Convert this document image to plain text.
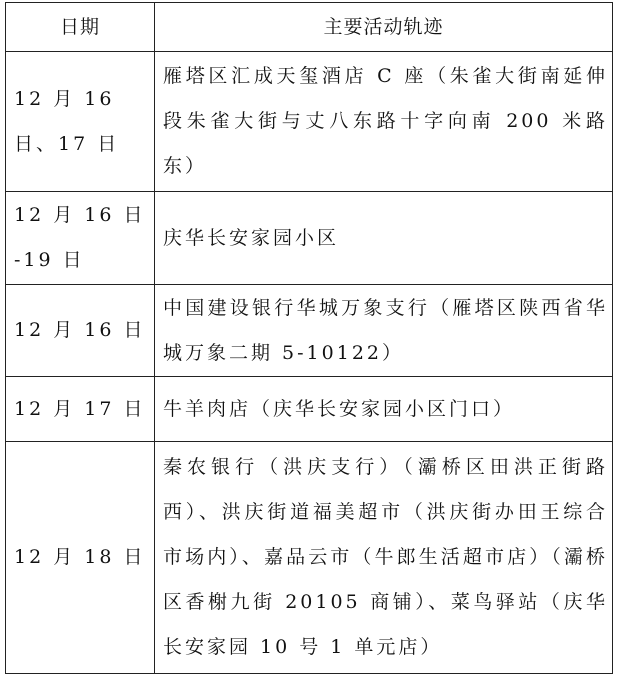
日期	主要活动轨迹
12 月 16 日、17 日	雁塔区汇成天玺酒店 C 座（朱雀大街南延伸段朱雀大街与丈八东路十字向南 200 米路东）
12 月 16 日 -19 日	庆华长安家园小区
12 月 16 日	中国建设银行华城万象支行（雁塔区陕西省华城万象二期 5-10122）
12 月 17 日	牛羊肉店（庆华长安家园小区门口）
12 月 18 日	秦农银行（洪庆支行）（灞桥区田洪正街路西）、洪庆街道福美超市（洪庆街办田王综合市场内）、嘉品云市（牛郎生活超市店）（灞桥区香榭九街 20105 商铺）、菜鸟驿站（庆华长安家园 10 号 1 单元店）
